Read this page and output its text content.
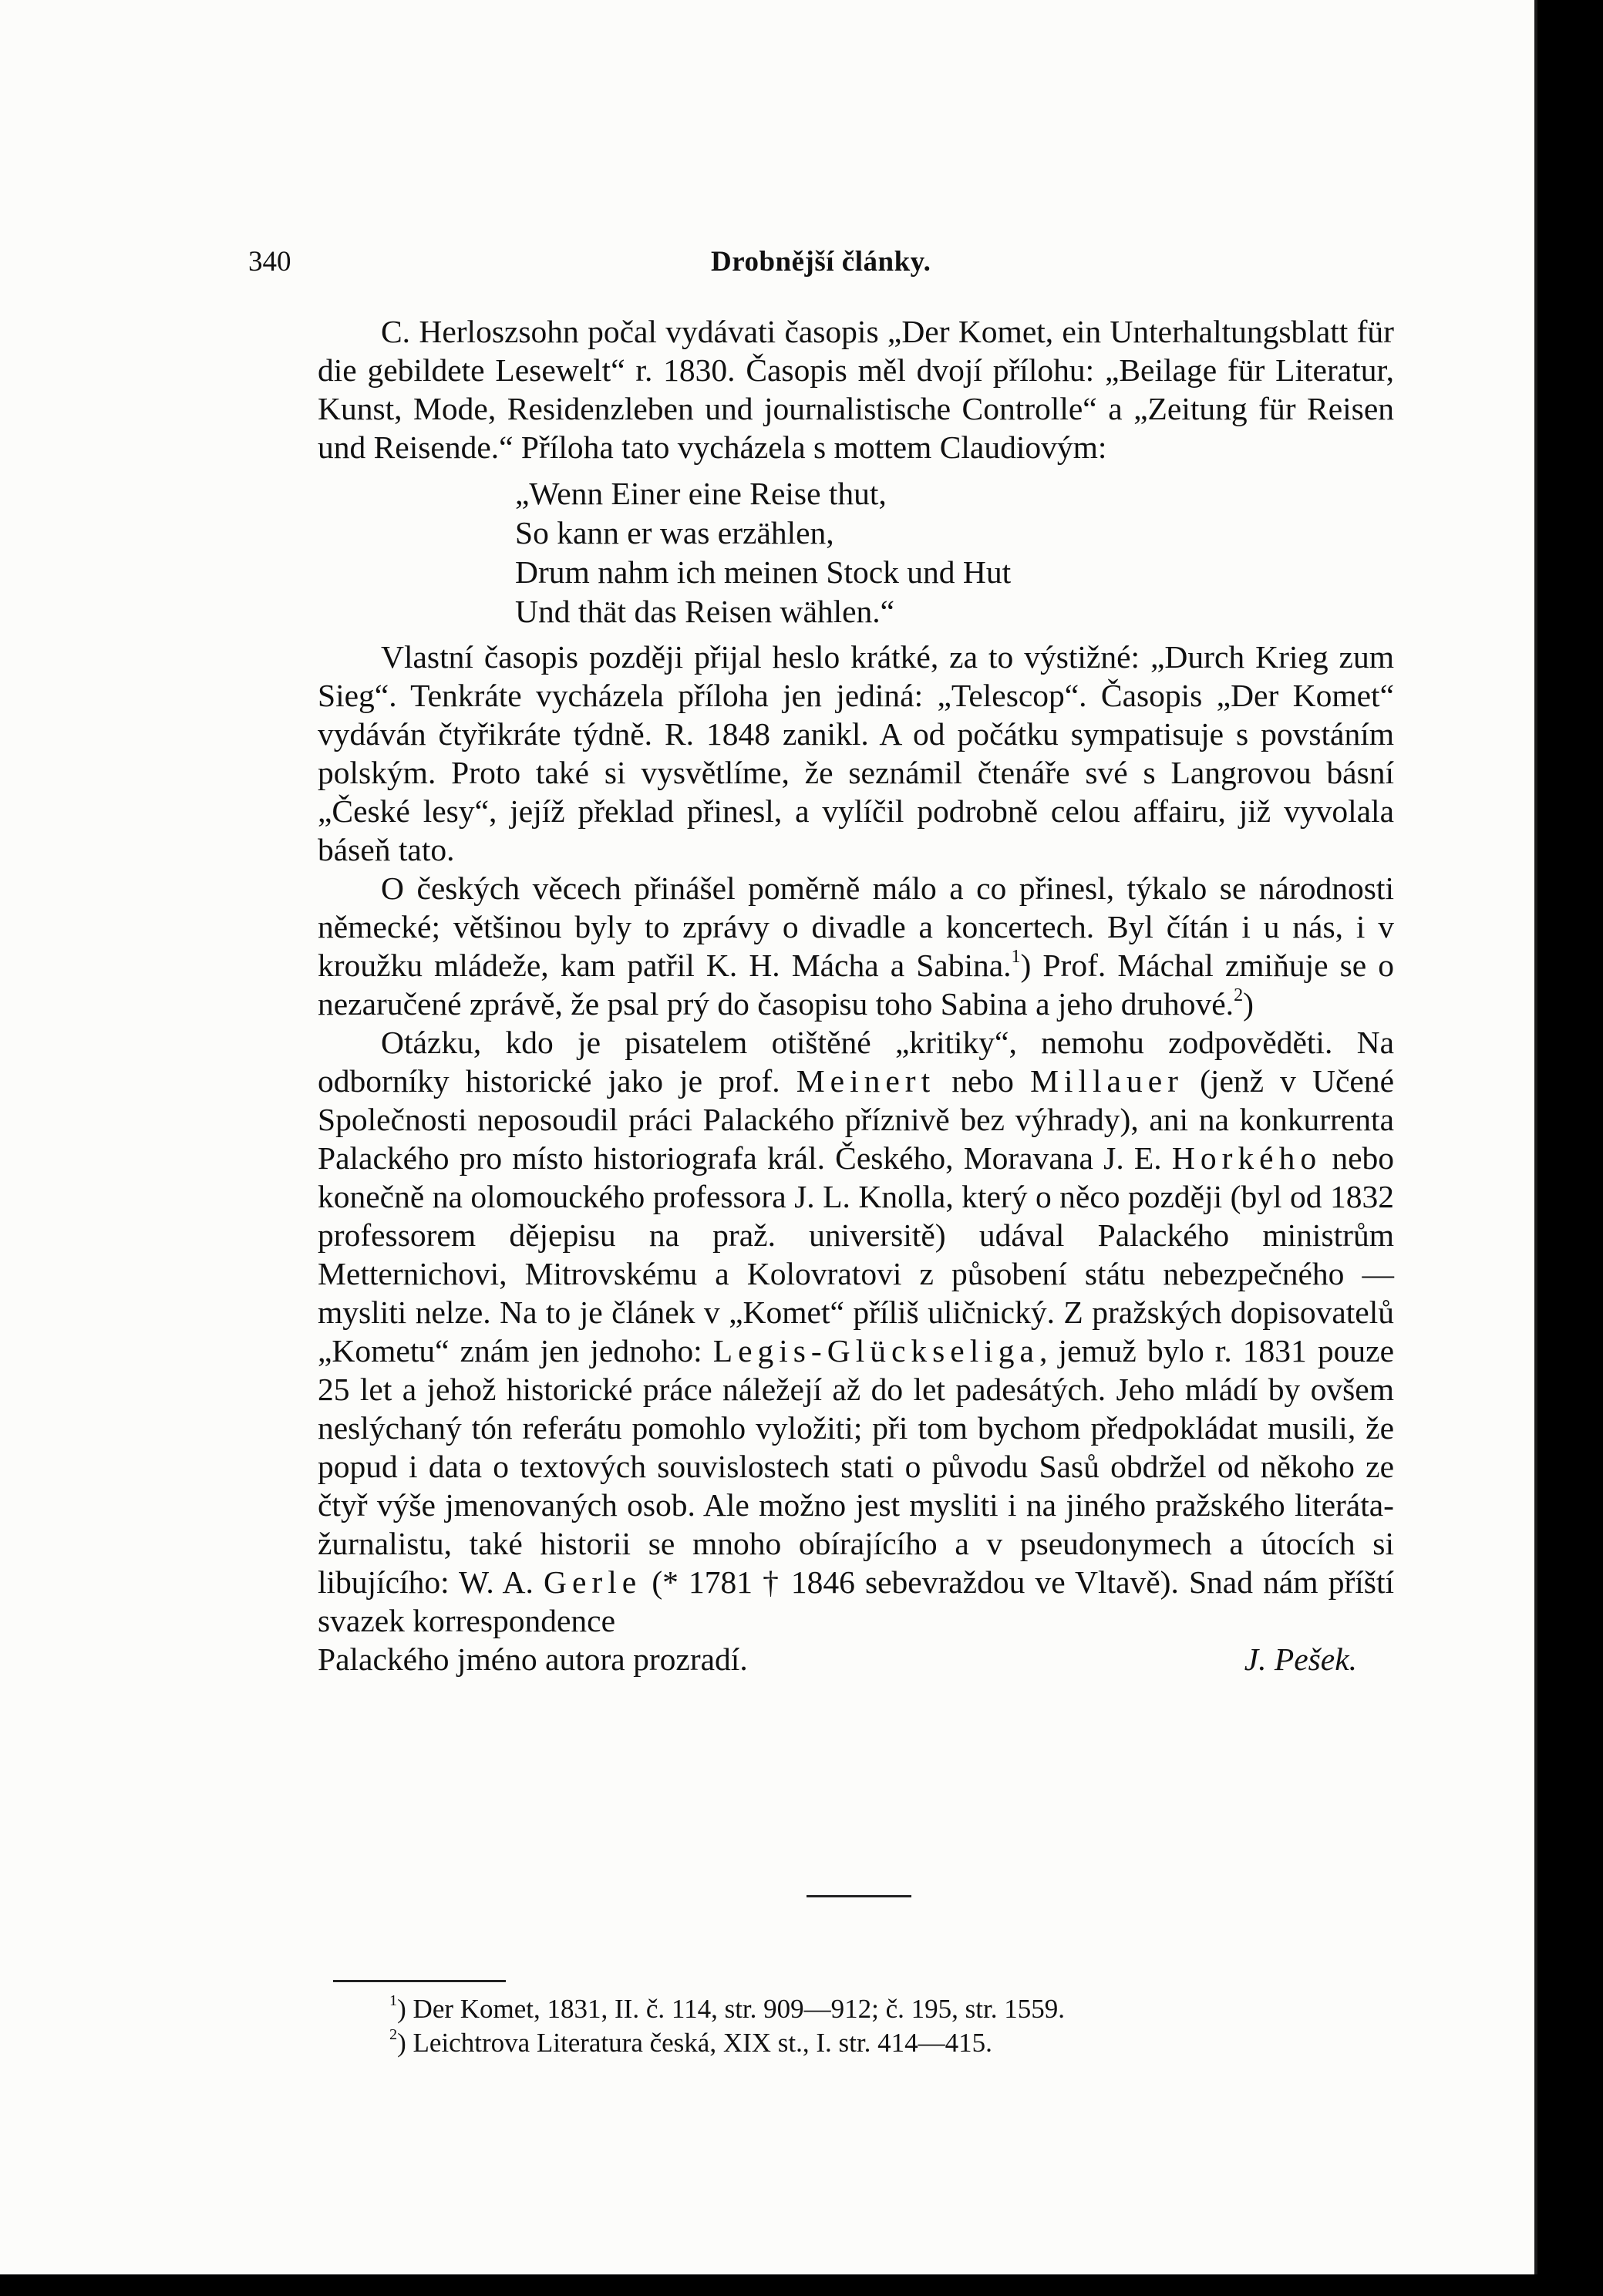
340	Drobnější články.

C. Herloszsohn počal vydávati časopis „Der Komet, ein Unterhaltungsblatt für die gebildete Lesewelt“ r. 1830. Časopis měl dvojí přílohu: „Beilage für Literatur, Kunst, Mode, Residenzleben und journalistische Controlle“ a „Zeitung für Reisen und Reisende.“ Příloha tato vycházela s mottem Claudiovým:

„Wenn Einer eine Reise thut,
So kann er was erzählen,
Drum nahm ich meinen Stock und Hut
Und thät das Reisen wählen.“

Vlastní časopis později přijal heslo krátké, za to výstižné: „Durch Krieg zum Sieg“. Tenkráte vycházela příloha jen jediná: „Telescop“. Časopis „Der Komet“ vydáván čtyřikráte týdně. R. 1848 zanikl. A od počátku sympatisuje s povstáním polským. Proto také si vysvětlíme, že seznámil čtenáře své s Langrovou básní „České lesy“, jejíž překlad přinesl, a vylíčil podrobně celou affairu, již vyvolala báseň tato.

O českých věcech přinášel poměrně málo a co přinesl, týkalo se národnosti německé; většinou byly to zprávy o divadle a koncertech. Byl čítán i u nás, i v kroužku mládeže, kam patřil K. H. Mácha a Sabina.$^1$) Prof. Máchal zmiňuje se o nezaručené zprávě, že psal prý do časopisu toho Sabina a jeho druhové.$^2$)

Otázku, kdo je pisatelem otištěné „kritiky“, nemohu zodpověděti. Na odborníky historické jako je prof. Meinert nebo Millauer (jenž v Učené Společnosti neposoudil práci Palackého příznivě bez výhrady), ani na konkurrenta Palackého pro místo historiografa král. Českého, Moravana J. E. Horkého nebo konečně na olomouckého professora J. L. Knolla, který o něco později (byl od 1832 professorem dějepisu na praž. universitě) udával Palackého ministrům Metternichovi, Mitrovskému a Kolovratovi z působení státu nebezpečného — mysliti nelze. Na to je článek v „Komet“ příliš uličnický. Z pražských dopisovatelů „Kometu“ znám jen jednoho: Legis-Glückseliga, jemuž bylo r. 1831 pouze 25 let a jehož historické práce náležejí až do let padesátých. Jeho mládí by ovšem neslýchaný tón referátu pomohlo vyložiti; při tom bychom předpokládat musili, že popud i data o textových souvislostech stati o původu Sasů obdržel od někoho ze čtyř výše jmenovaných osob. Ale možno jest mysliti i na jiného pražského literáta-žurnalistu, také historii se mnoho obírajícího a v pseudonymech a útocích si libujícího: W. A. Gerle (* 1781 † 1846 sebevraždou ve Vltavě). Snad nám příští svazek korrespondence

Palackého jméno autora prozradí.	J. Pešek.
$^1$) Der Komet, 1831, II. č. 114, str. 909—912; č. 195, str. 1559.
$^2$) Leichtrova Literatura česká, XIX st., I. str. 414—415.
